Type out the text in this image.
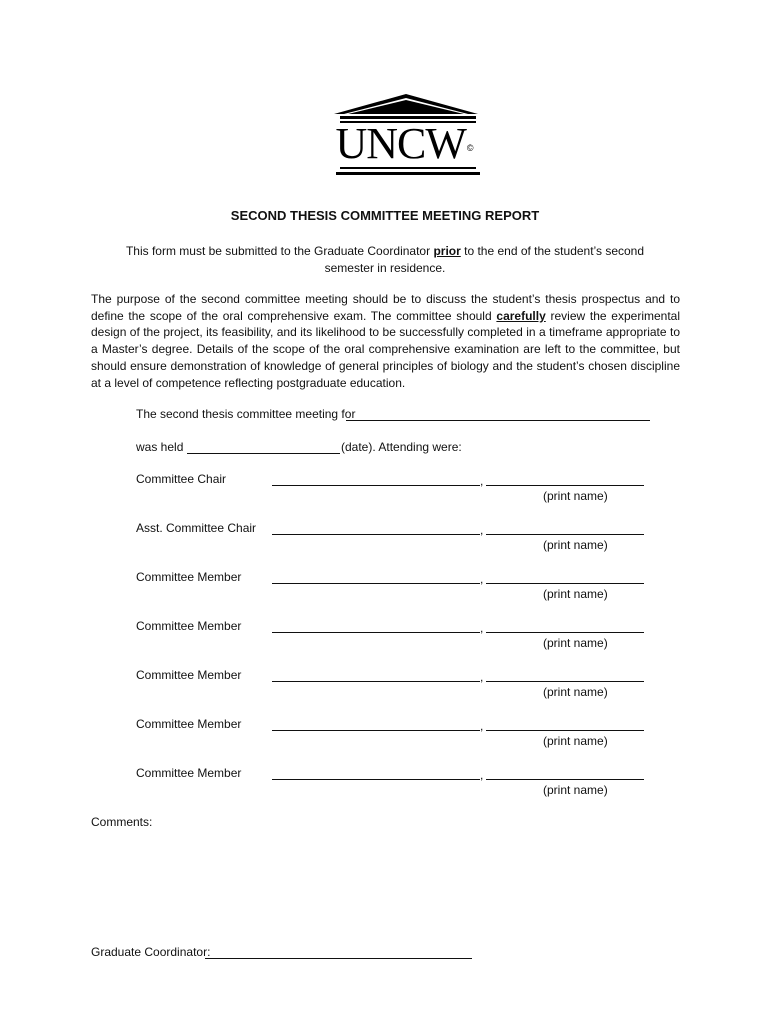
UNCW©
SECOND THESIS COMMITTEE MEETING REPORT
This form must be submitted to the Graduate Coordinator prior to the end of the student’s second semester in residence.
The purpose of the second committee meeting should be to discuss the student’s thesis prospectus and to define the scope of the oral comprehensive exam. The committee should carefully review the experimental design of the project, its feasibility, and its likelihood to be successfully completed in a timeframe appropriate to a Master’s degree. Details of the scope of the oral comprehensive examination are left to the committee, but should ensure demonstration of knowledge of general principles of biology and the student’s chosen discipline at a level of competence reflecting postgraduate education.
The second thesis committee meeting for
was held	(date). Attending were:
Committee Chair	,
(print name)
Asst. Committee Chair	,
(print name)
Committee Member	,
(print name)
Committee Member	,
(print name)
Committee Member	,
(print name)
Committee Member	,
(print name)
Committee Member	,
(print name)
Comments:
Graduate Coordinator:
